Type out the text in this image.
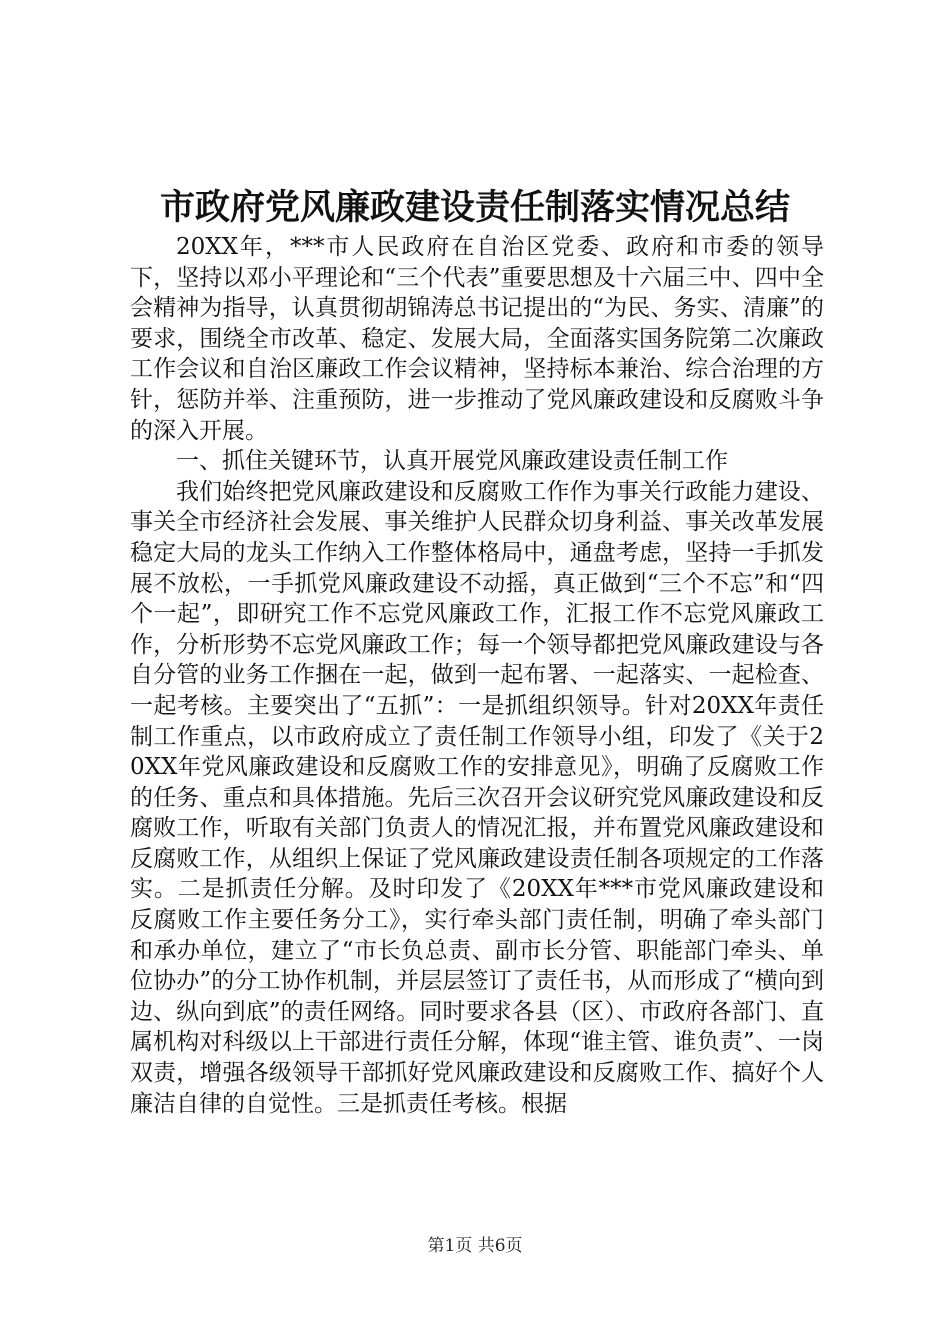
市政府党风廉政建设责任制落实情况总结

20XX年，***市人民政府在自治区党委、政府和市委的领导下，坚持以邓小平理论和“三个代表”重要思想及十六届三中、四中全会精神为指导，认真贯彻胡锦涛总书记提出的“为民、务实、清廉”的要求，围绕全市改革、稳定、发展大局，全面落实国务院第二次廉政工作会议和自治区廉政工作会议精神，坚持标本兼治、综合治理的方针，惩防并举、注重预防，进一步推动了党风廉政建设和反腐败斗争的深入开展。

一、抓住关键环节，认真开展党风廉政建设责任制工作

我们始终把党风廉政建设和反腐败工作作为事关行政能力建设、事关全市经济社会发展、事关维护人民群众切身利益、事关改革发展稳定大局的龙头工作纳入工作整体格局中，通盘考虑，坚持一手抓发展不放松，一手抓党风廉政建设不动摇，真正做到“三个不忘”和“四个一起”，即研究工作不忘党风廉政工作，汇报工作不忘党风廉政工作，分析形势不忘党风廉政工作；每一个领导都把党风廉政建设与各自分管的业务工作捆在一起，做到一起布署、一起落实、一起检查、一起考核。主要突出了“五抓”：一是抓组织领导。针对20XX年责任制工作重点，以市政府成立了责任制工作领导小组，印发了《关于20XX年党风廉政建设和反腐败工作的安排意见》，明确了反腐败工作的任务、重点和具体措施。先后三次召开会议研究党风廉政建设和反腐败工作，听取有关部门负责人的情况汇报，并布置党风廉政建设和反腐败工作，从组织上保证了党风廉政建设责任制各项规定的工作落实。二是抓责任分解。及时印发了《20XX年***市党风廉政建设和反腐败工作主要任务分工》，实行牵头部门责任制，明确了牵头部门和承办单位，建立了“市长负总责、副市长分管、职能部门牵头、单位协办”的分工协作机制，并层层签订了责任书，从而形成了“横向到边、纵向到底”的责任网络。同时要求各县（区）、市政府各部门、直属机构对科级以上干部进行责任分解，体现“谁主管、谁负责”、一岗双责，增强各级领导干部抓好党风廉政建设和反腐败工作、搞好个人廉洁自律的自觉性。三是抓责任考核。根据

第1页 共6页
